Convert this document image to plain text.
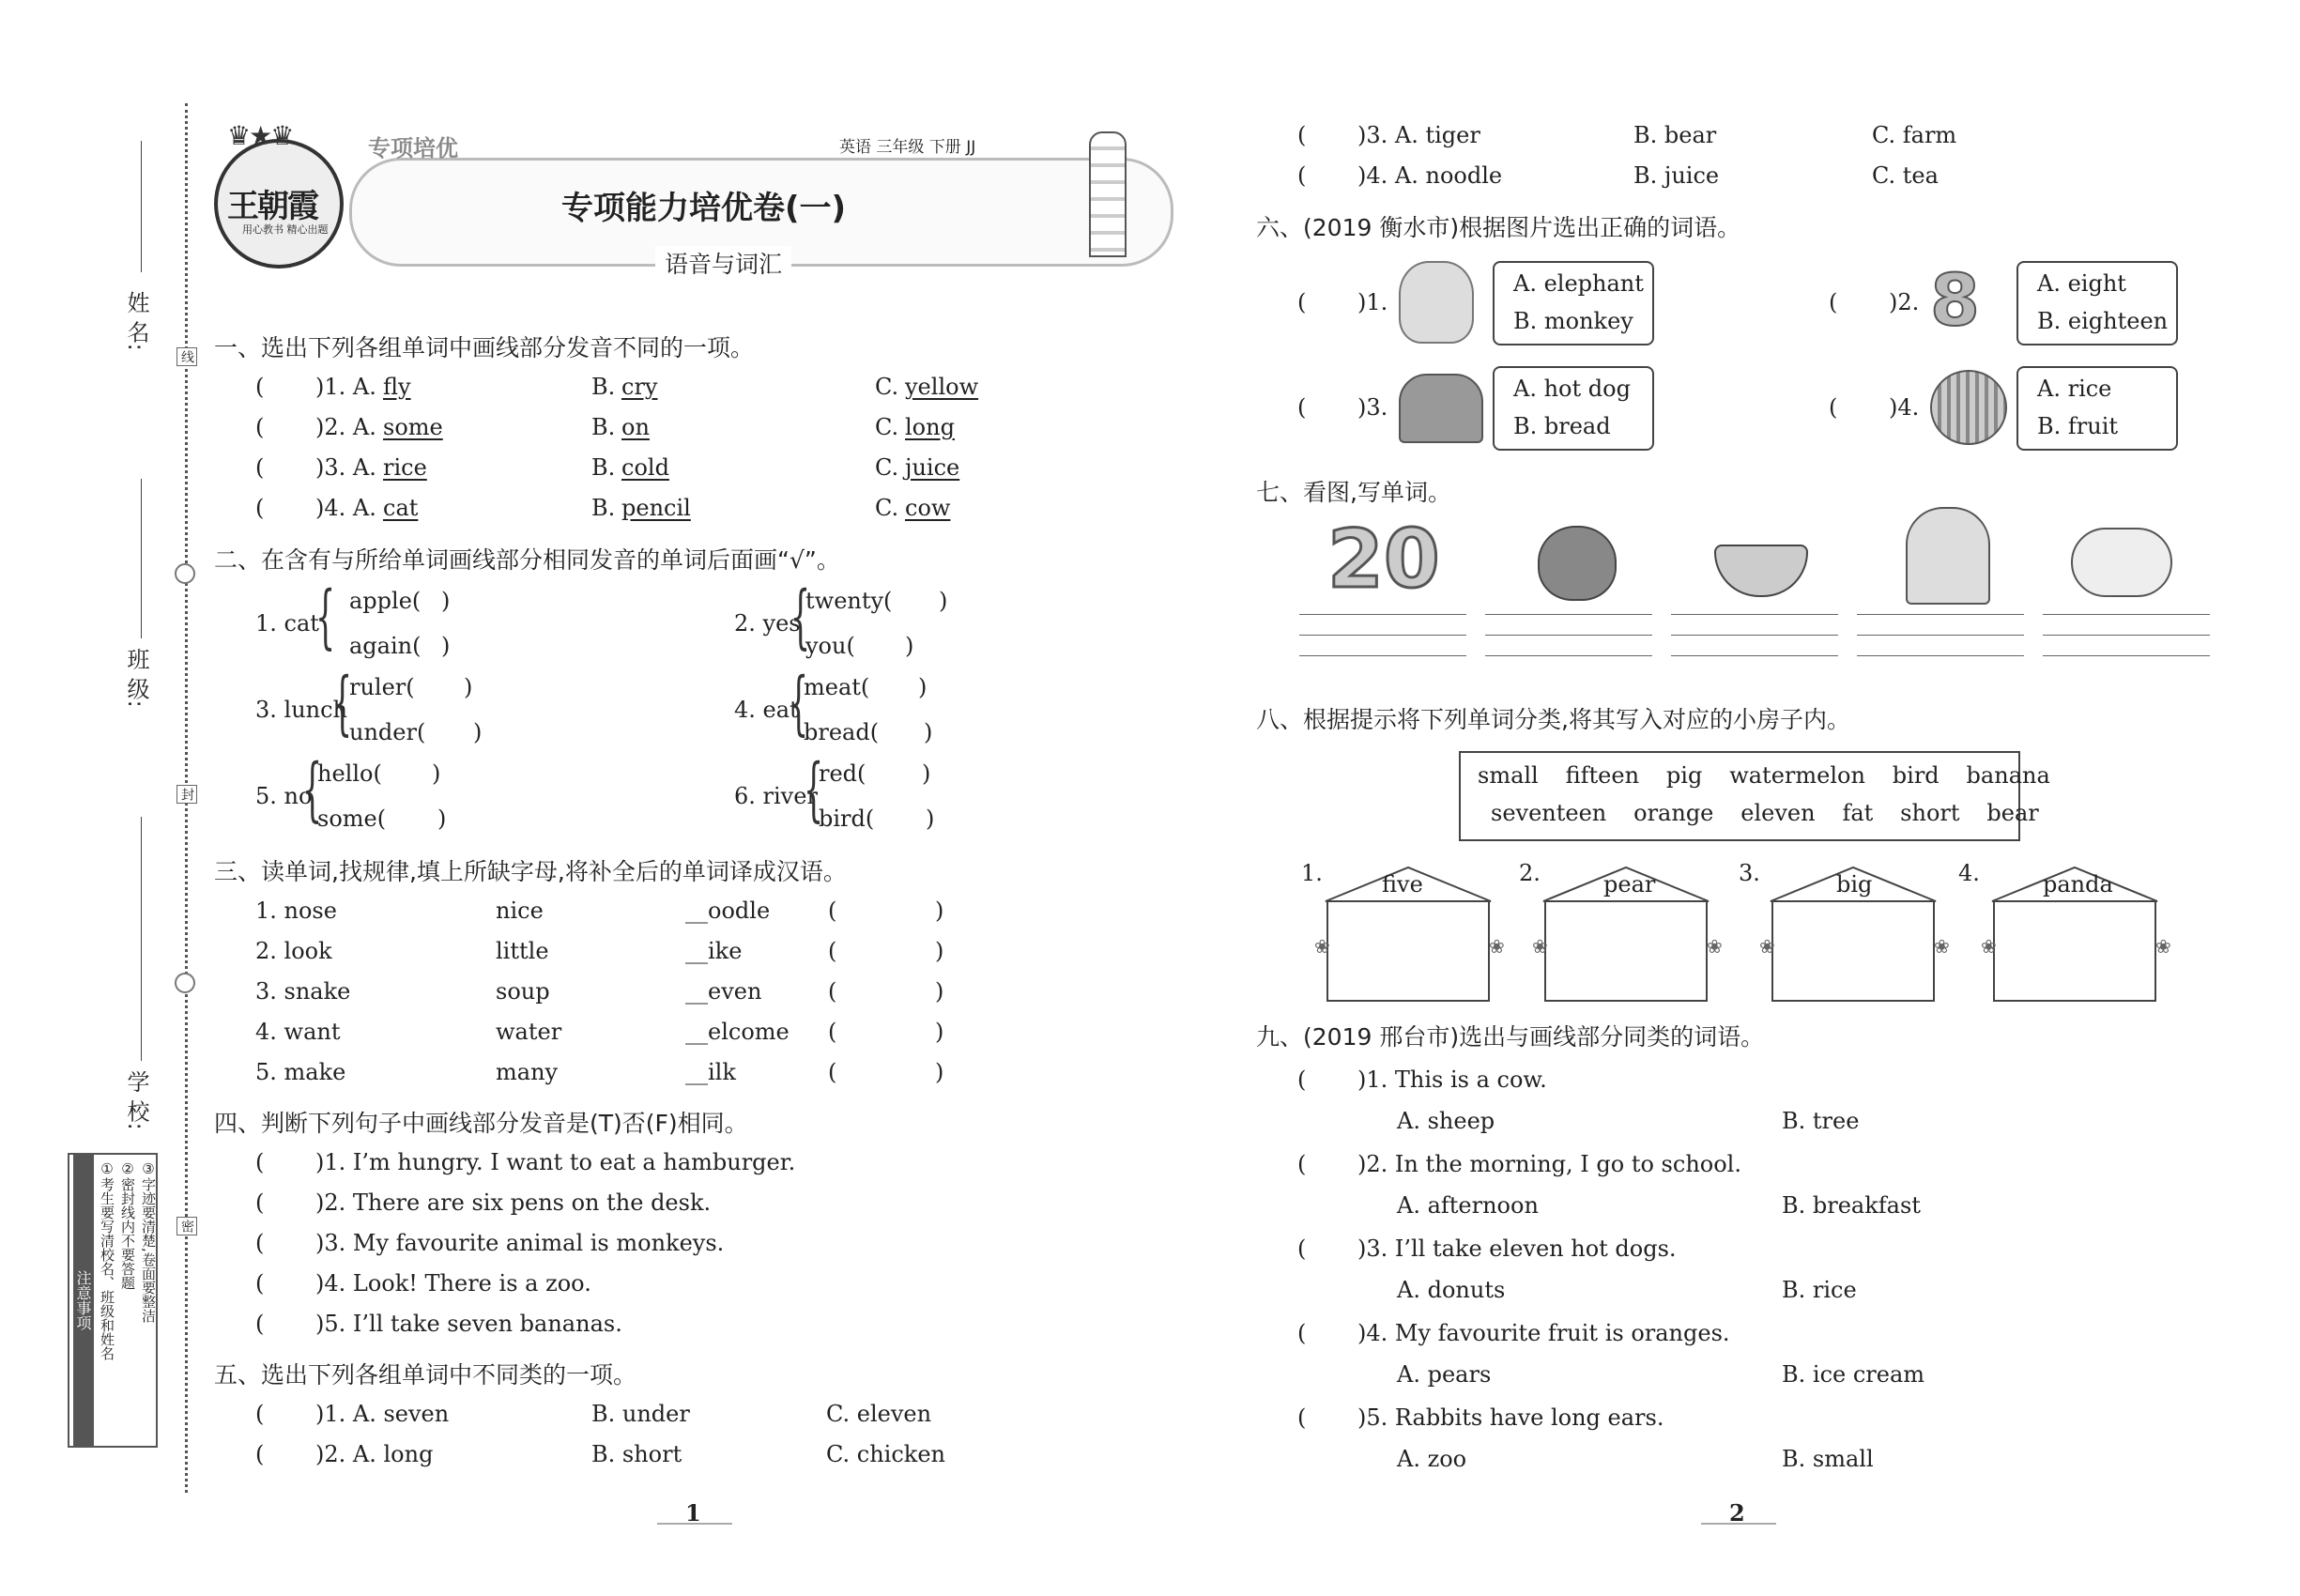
姓 名:
班 级:
学 校:
线
封
密
注意事项 ①考生要写清校名、班级和姓名 ②密封线内不要答题 ③字迹要清楚,卷面要整洁
♛★♛
王朝霞
用心教书 精心出题
专项培优	英语 三年级 下册 JJ
专项能力培优卷(一)
语音与词汇
一、选出下列各组单词中画线部分发音不同的一项。
( )1. A. fly	B. cry	C. yellow
( )2. A. some	B. on	C. long
( )3. A. rice	B. cold	C. juice
( )4. A. cat	B. pencil	C. cow
二、在含有与所给单词画线部分相同发音的单词后面画“√”。
1. cat
{ apple( )
again( )
2. yes
{
twenty( )
you( )
3. lunch
{
ruler( )
under( )
4. eat
{
meat( )
bread( )
5. no
{
hello( )
some( )
6. river
{
red( )
bird( )
三、读单词,找规律,填上所缺字母,将补全后的单词译成汉语。
1. nose	nice	__oodle	(	)
2. look	little	__ike	(	)
3. snake	soup	__even	(	)
4. want	water	__elcome (	)
5. make	many	__ilk	(	)
四、判断下列句子中画线部分发音是(T)否(F)相同。
( )1. I’m hungry. I want to eat a hamburger.
( )2. There are six pens on the desk.
( )3. My favourite animal is monkeys.
( )4. Look! There is a zoo.
( )5. I’ll take seven bananas.
五、选出下列各组单词中不同类的一项。
( )1. A. seven	B. under	C. eleven
( )2. A. long	B. short	C. chicken
1
( )3. A. tiger	B. bear	C. farm
( )4. A. noodle	B. juice	C. tea
六、(2019 衡水市)根据图片选出正确的词语。
( )1.
A. elephant
B. monkey
( )2. 8	A. eight
B. eighteen
( )3.
A. hot dog
B. bread
( )4.
A. rice
B. fruit
七、看图,写单词。
20
八、根据提示将下列单词分类,将其写入对应的小房子内。
small   fifteen   pig   watermelon   bird   banana
seventeen   orange   eleven   fat   short   bear
1.
❀	❀
five	2.
❀	❀
pear	3.
❀	❀
big	4.
❀	❀
panda
九、(2019 邢台市)选出与画线部分同类的词语。
( )1. This is a cow.
A. sheep	B. tree
( )2. In the morning, I go to school.
A. afternoon	B. breakfast
( )3. I’ll take eleven hot dogs.
A. donuts	B. rice
( )4. My favourite fruit is oranges.
A. pears	B. ice cream
( )5. Rabbits have long ears.
A. zoo	B. small
2
